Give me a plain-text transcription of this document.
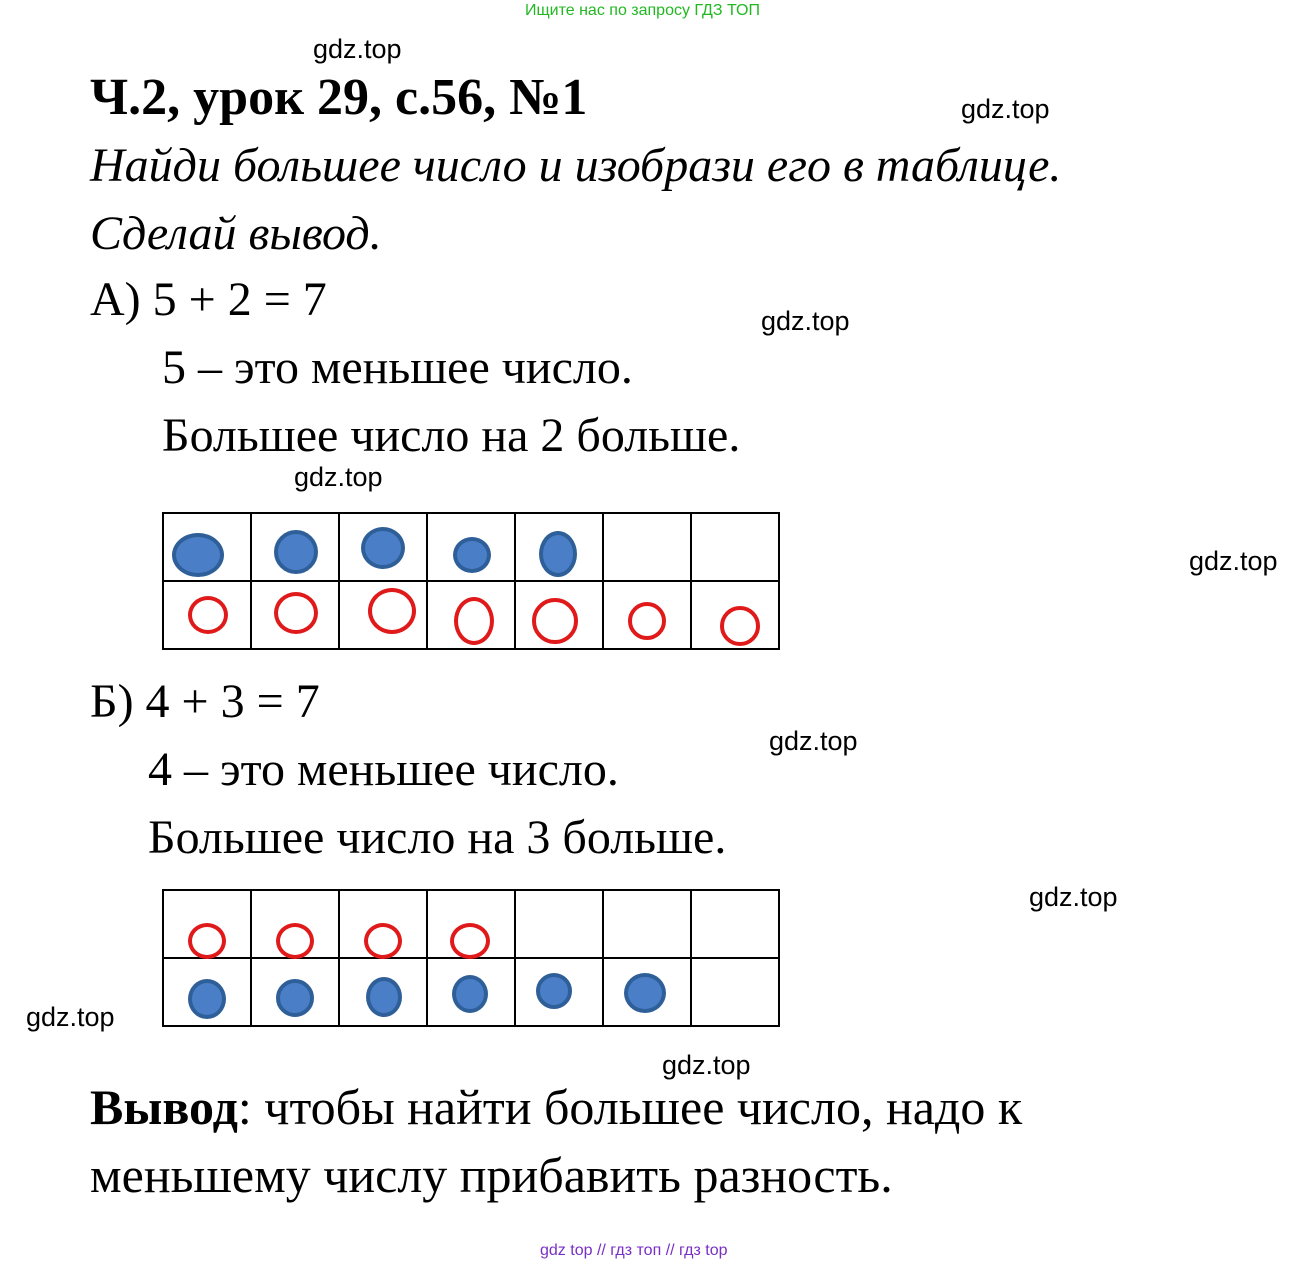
Ищите нас по запросу ГДЗ ТОП
gdz.top
gdz.top
gdz.top
gdz.top
gdz.top
gdz.top
gdz.top
gdz.top
gdz.top
Ч.2, урок 29, с.56, №1
Найди большее число и изобрази его в таблице.
Сделай вывод.
А) 5 + 2 = 7
5 – это меньшее число.
Большее число на 2 больше.

Б) 4 + 3 = 7
4 – это меньшее число.
Большее число на 3 больше.

Вывод: чтобы найти большее число, надо к
меньшему числу прибавить разность.
gdz top // гдз топ // гдз top
